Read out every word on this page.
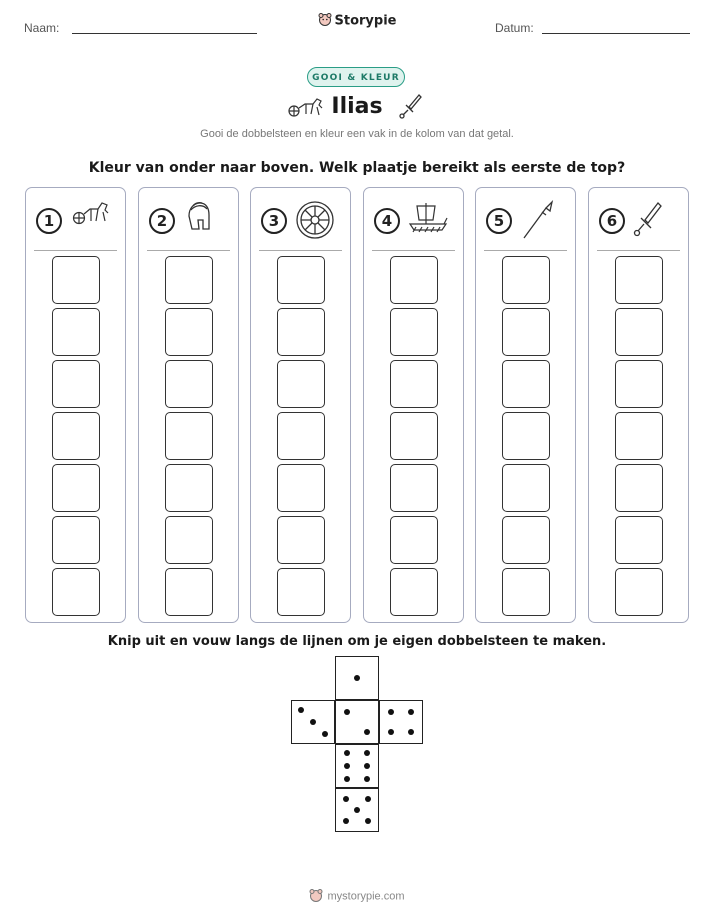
Naam:	Storypie	Datum:
GOOI & KLEUR
Ilias
Gooi de dobbelsteen en kleur een vak in de kolom van dat getal.
Kleur van onder naar boven. Welk plaatje bereikt als eerste de top?
1	2	3	4	5	6
Knip uit en vouw langs de lijnen om je eigen dobbelsteen te maken.
mystorypie.com
